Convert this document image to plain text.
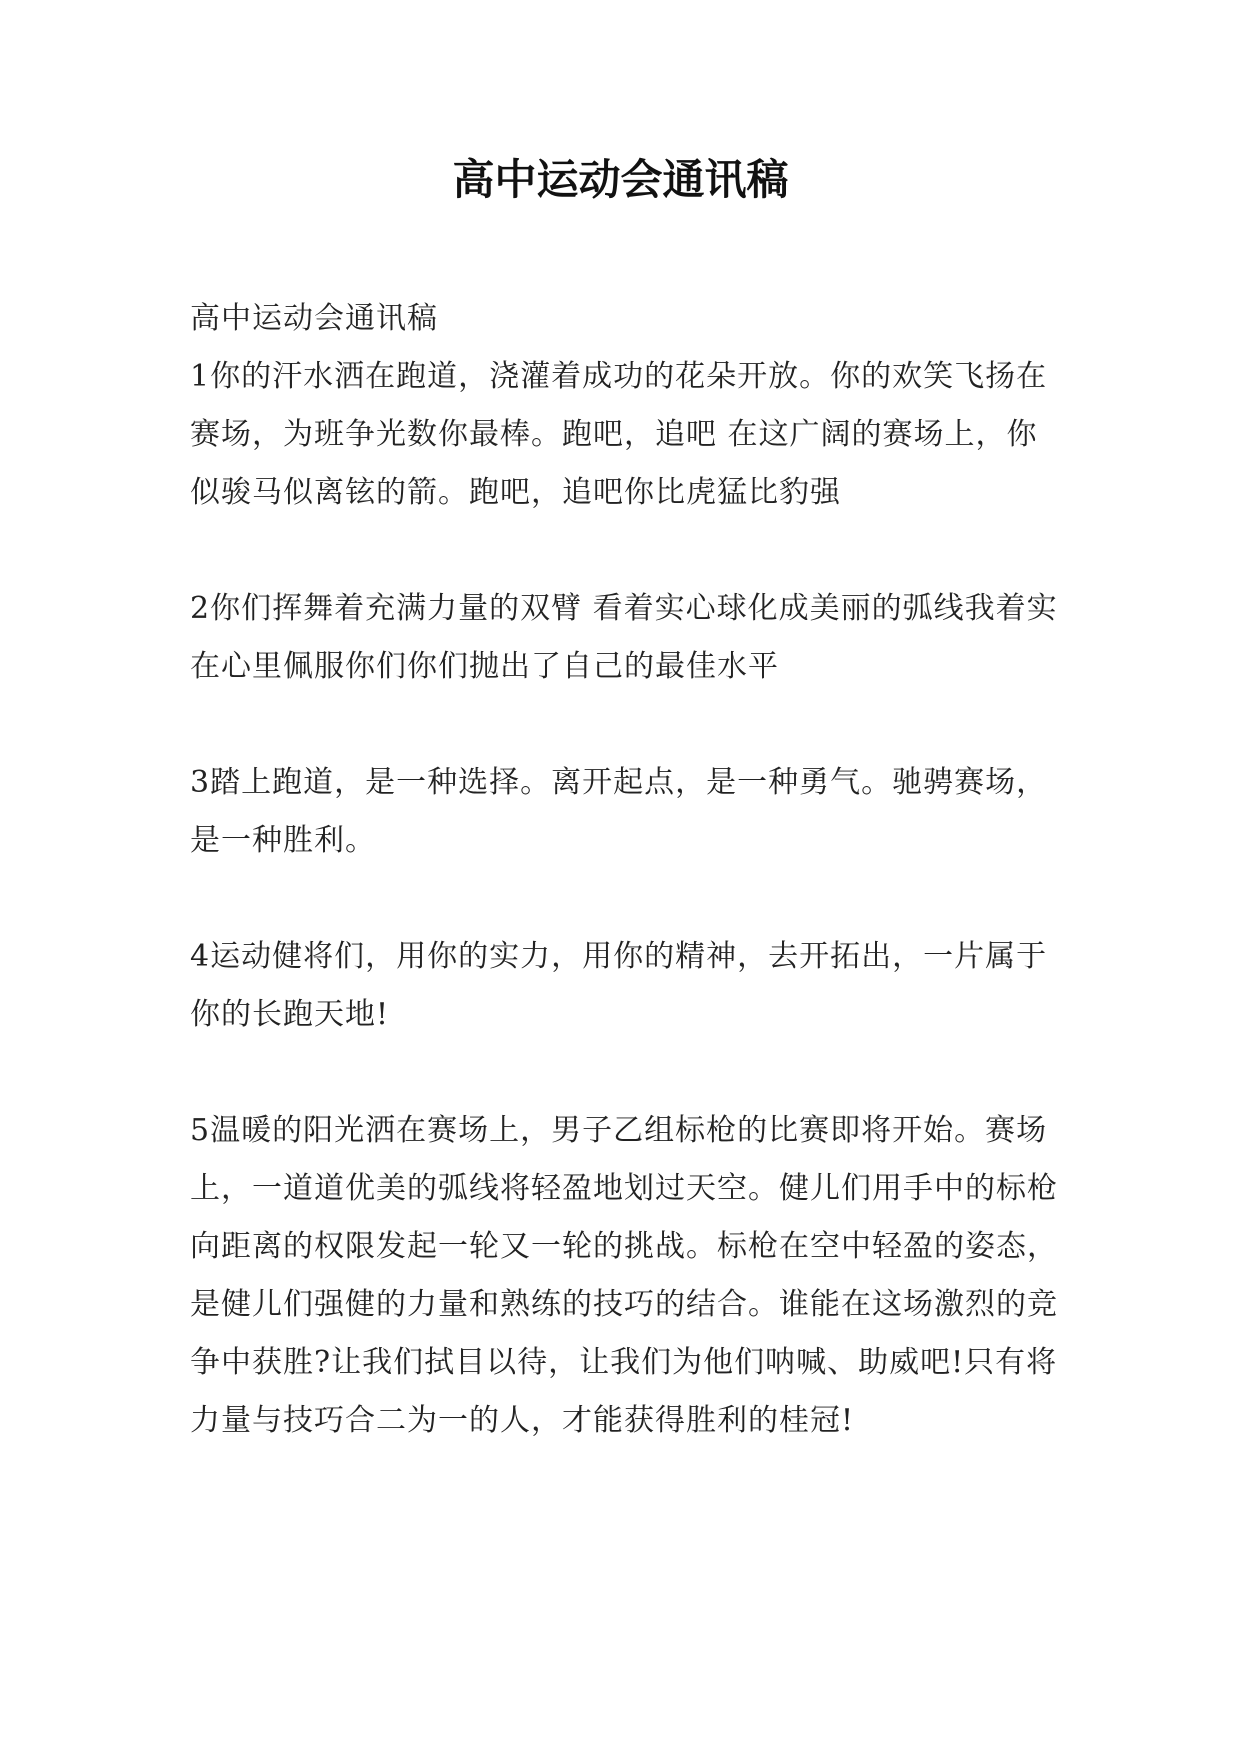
高中运动会通讯稿

高中运动会通讯稿

1你的汗水洒在跑道，浇灌着成功的花朵开放。你的欢笑飞扬在赛场，为班争光数你最棒。跑吧，追吧 在这广阔的赛场上，你似骏马似离铉的箭。跑吧，追吧你比虎猛比豹强

2你们挥舞着充满力量的双臂 看着实心球化成美丽的弧线我着实在心里佩服你们你们抛出了自己的最佳水平

3踏上跑道，是一种选择。离开起点，是一种勇气。驰骋赛场，是一种胜利。

4运动健将们，用你的实力，用你的精神，去开拓出，一片属于你的长跑天地!

5温暖的阳光洒在赛场上，男子乙组标枪的比赛即将开始。赛场上，一道道优美的弧线将轻盈地划过天空。健儿们用手中的标枪向距离的权限发起一轮又一轮的挑战。标枪在空中轻盈的姿态，是健儿们强健的力量和熟练的技巧的结合。谁能在这场激烈的竞争中获胜?让我们拭目以待，让我们为他们呐喊、助威吧!只有将力量与技巧合二为一的人，才能获得胜利的桂冠!
